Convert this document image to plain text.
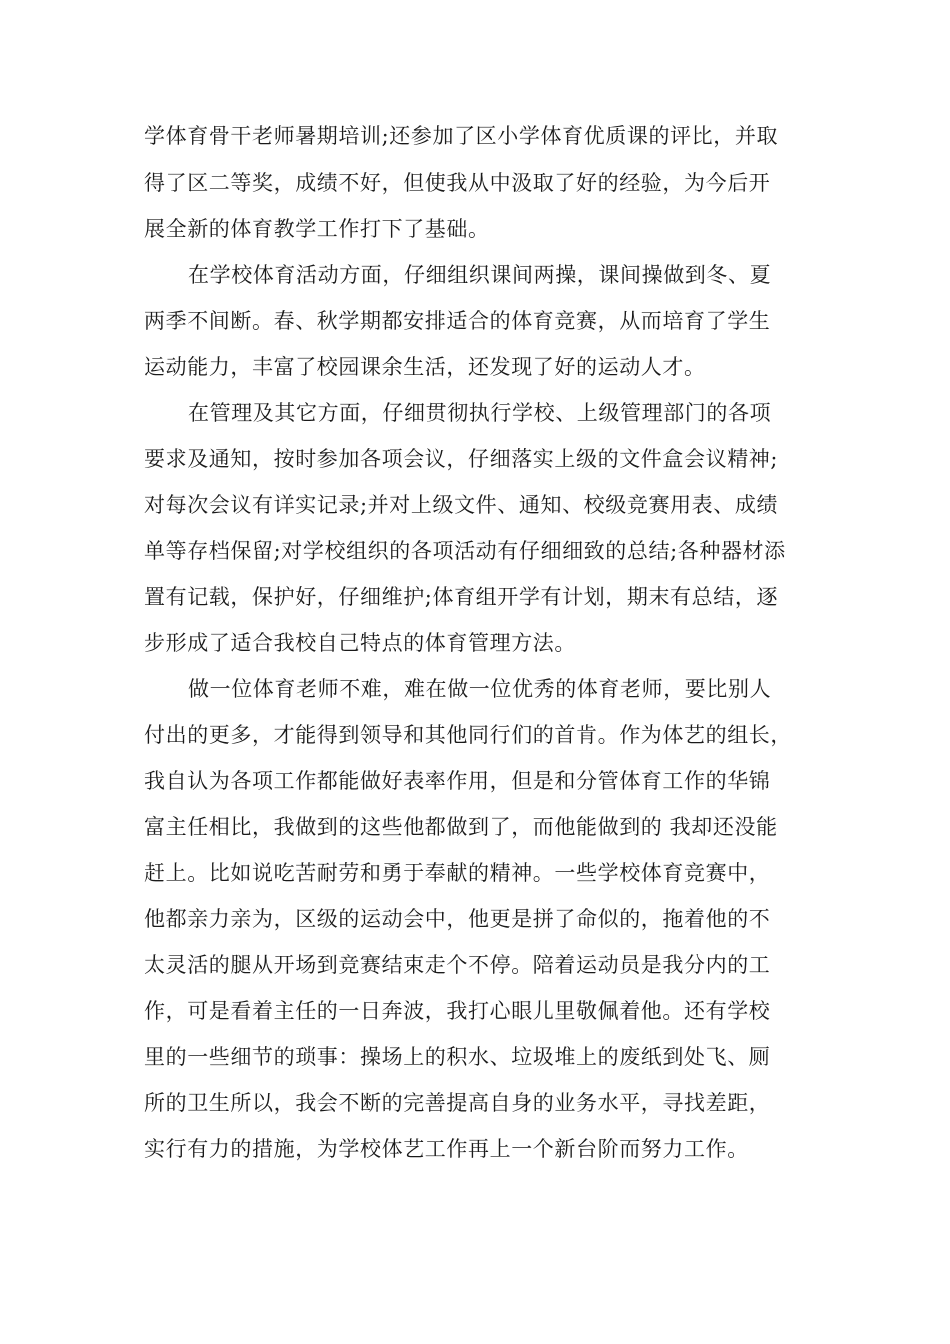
学体育骨干老师暑期培训;还参加了区小学体育优质课的评比，并取
得了区二等奖，成绩不好，但使我从中汲取了好的经验，为今后开
展全新的体育教学工作打下了基础。
在学校体育活动方面，仔细组织课间两操，课间操做到冬、夏
两季不间断。春、秋学期都安排适合的体育竞赛，从而培育了学生
运动能力，丰富了校园课余生活，还发现了好的运动人才。
在管理及其它方面，仔细贯彻执行学校、上级管理部门的各项
要求及通知，按时参加各项会议，仔细落实上级的文件盒会议精神;
对每次会议有详实记录;并对上级文件、通知、校级竞赛用表、成绩
单等存档保留;对学校组织的各项活动有仔细细致的总结;各种器材添
置有记载，保护好，仔细维护;体育组开学有计划，期末有总结，逐
步形成了适合我校自己特点的体育管理方法。
做一位体育老师不难，难在做一位优秀的体育老师，要比别人
付出的更多，才能得到领导和其他同行们的首肯。作为体艺的组长，
我自认为各项工作都能做好表率作用，但是和分管体育工作的华锦
富主任相比，我做到的这些他都做到了，而他能做到的 我却还没能
赶上。比如说吃苦耐劳和勇于奉献的精神。一些学校体育竞赛中，
他都亲力亲为，区级的运动会中，他更是拼了命似的，拖着他的不
太灵活的腿从开场到竞赛结束走个不停。陪着运动员是我分内的工
作，可是看着主任的一日奔波，我打心眼儿里敬佩着他。还有学校
里的一些细节的琐事：操场上的积水、垃圾堆上的废纸到处飞、厕
所的卫生所以，我会不断的完善提高自身的业务水平，寻找差距，
实行有力的措施，为学校体艺工作再上一个新台阶而努力工作。
